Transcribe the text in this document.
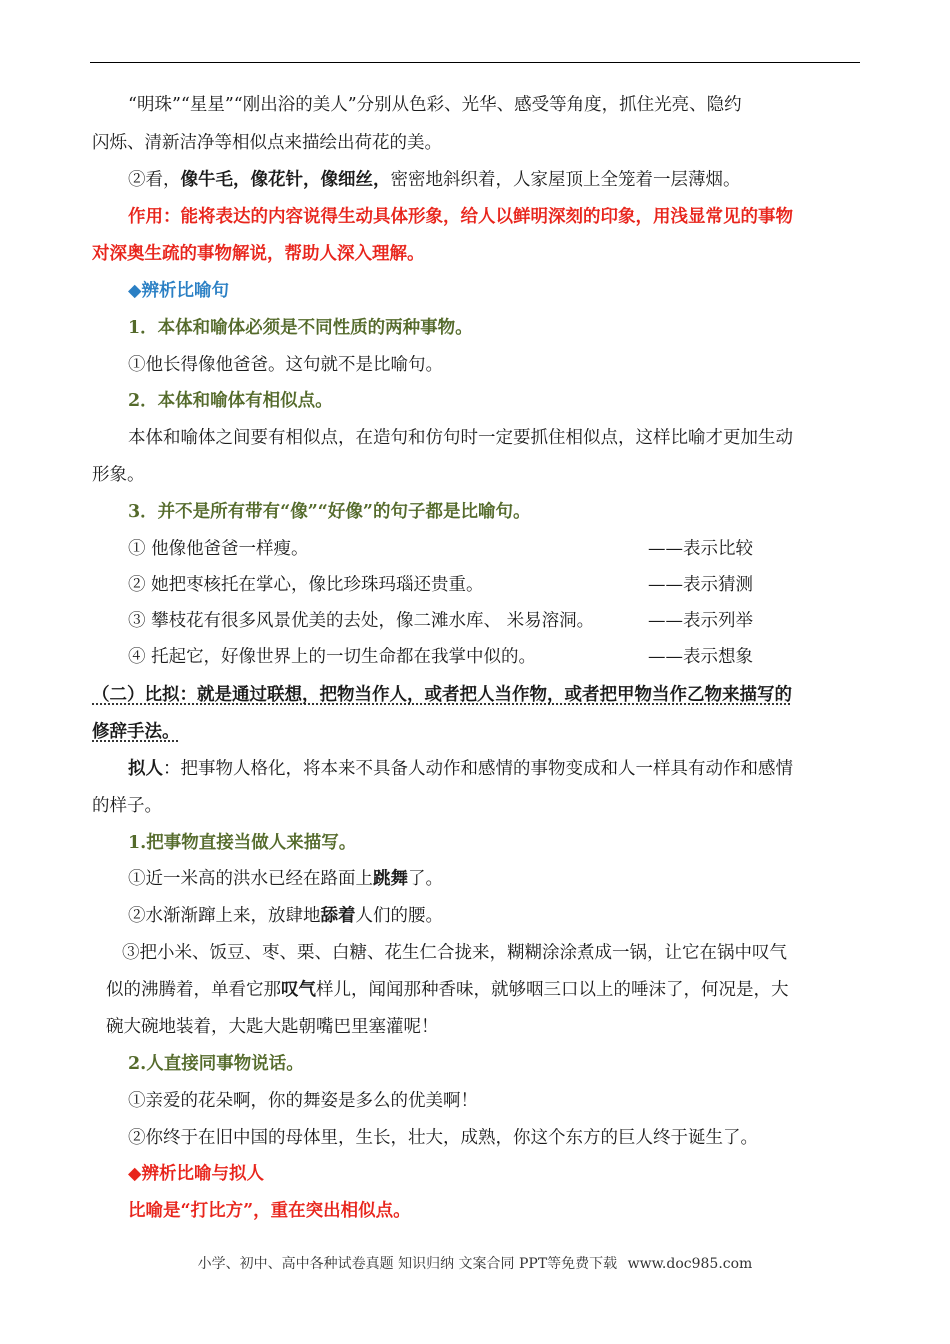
“明珠”“星星”“刚出浴的美人”分别从色彩、光华、感受等角度，抓住光亮、隐约
闪烁、清新洁净等相似点来描绘出荷花的美。
②看，像牛毛，像花针，像细丝，密密地斜织着，人家屋顶上全笼着一层薄烟。
作用：能将表达的内容说得生动具体形象，给人以鲜明深刻的印象，用浅显常见的事物
对深奥生疏的事物解说，帮助人深入理解。
◆辨析比喻句
1．本体和喻体必须是不同性质的两种事物。
①他长得像他爸爸。这句就不是比喻句。
2．本体和喻体有相似点。
本体和喻体之间要有相似点，在造句和仿句时一定要抓住相似点，这样比喻才更加生动
形象。
3．并不是所有带有“像”“好像”的句子都是比喻句。
① 他像他爸爸一样瘦。	——表示比较
② 她把枣核托在掌心，像比珍珠玛瑙还贵重。	——表示猜测
③ 攀枝花有很多风景优美的去处，像二滩水库、 米易溶洞。	——表示列举
④ 托起它，好像世界上的一切生命都在我掌中似的。	——表示想象
（二）比拟：就是通过联想，把物当作人，或者把人当作物，或者把甲物当作乙物来描写的
修辞手法。
拟人：把事物人格化，将本来不具备人动作和感情的事物变成和人一样具有动作和感情
的样子。
1.把事物直接当做人来描写。
①近一米高的洪水已经在路面上跳舞了。
②水渐渐蹿上来，放肆地舔着人们的腰。
③把小米、饭豆、枣、栗、白糖、花生仁合拢来，糊糊涂涂煮成一锅，让它在锅中叹气
似的沸腾着，单看它那叹气样儿，闻闻那种香味，就够咽三口以上的唾沫了，何况是，大
碗大碗地装着，大匙大匙朝嘴巴里塞灌呢！
2.人直接同事物说话。
①亲爱的花朵啊，你的舞姿是多么的优美啊！
②你终于在旧中国的母体里，生长，壮大，成熟，你这个东方的巨人终于诞生了。
◆辨析比喻与拟人
比喻是“打比方”，重在突出相似点。
小学、初中、高中各种试卷真题 知识归纳 文案合同 PPT等免费下载 www.doc985.com
